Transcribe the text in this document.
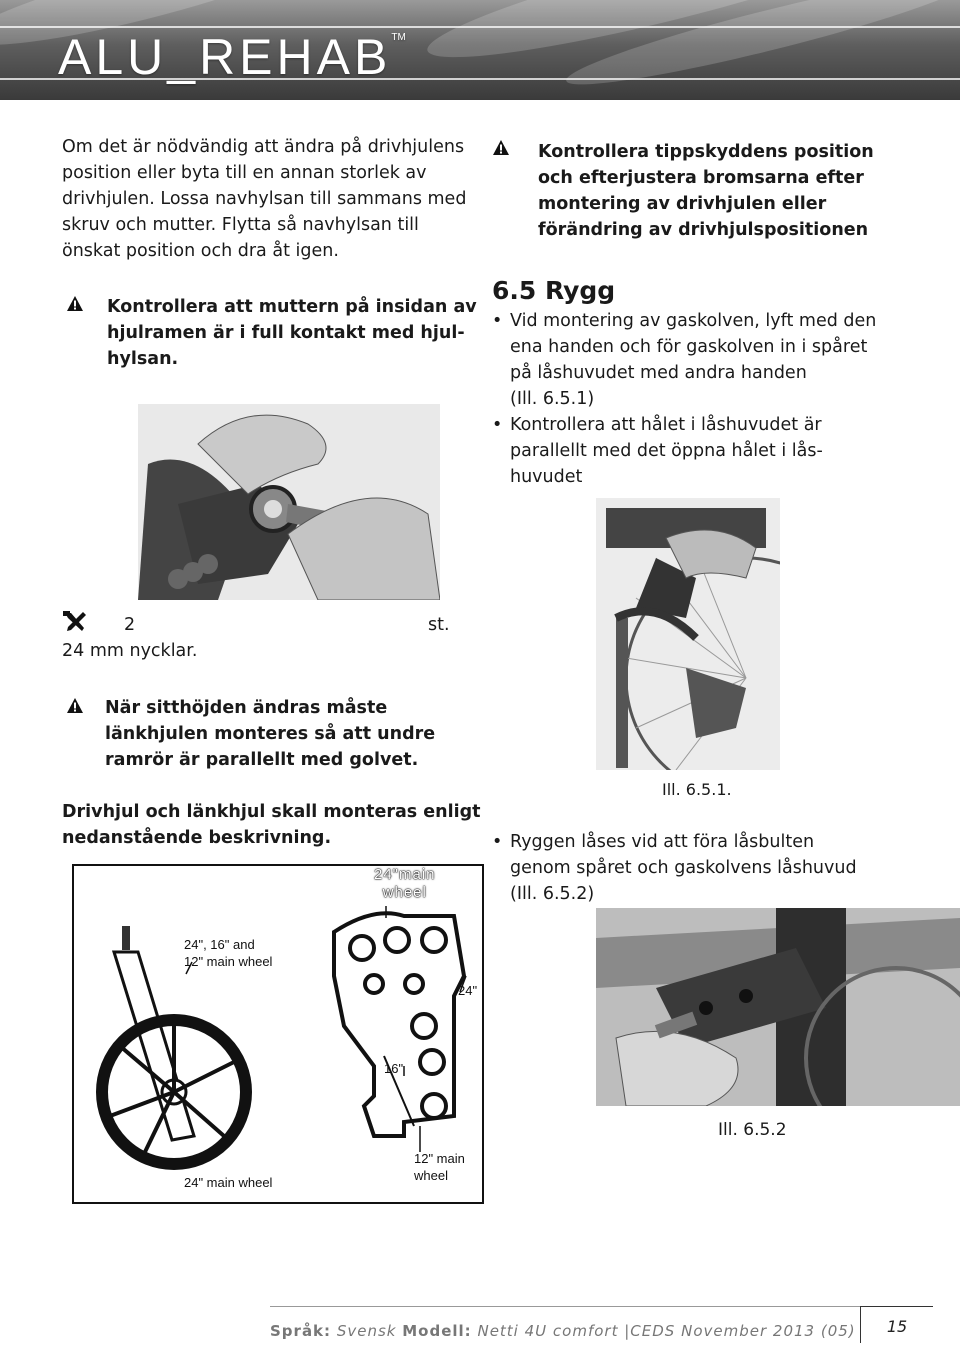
ALU_REHAB™
Om det är nödvändig att ändra på drivhjulens
position eller byta till en annan storlek av
drivhjulen. Lossa navhylsan till sammans med
skruv och mutter. Flytta så navhylsan till
önskat position och dra åt igen.
Kontrollera att muttern på insidan av
hjulramen är i full kontakt med hjul-
hylsan.
2	st.
24 mm nycklar.
När sitthöjden ändras måste
länkhjulen monteres så att undre
ramrör är parallellt med golvet.
Drivhjul och länkhjul skall monteras enligt
nedanstående beskrivning.
24"main
wheel
24", 16" and
12" main wheel
24"
16"
24" main wheel
12" main
wheel
Kontrollera tippskyddens position
och efterjustera bromsarna efter
montering av drivhjulen eller
förändring av drivhjulspositionen
6.5 Rygg
• Vid montering av gaskolven, lyft med den
ena handen och för gaskolven in i spåret
på låshuvudet med andra handen
(Ill. 6.5.1)
• Kontrollera att hålet i låshuvudet är
parallellt med det öppna hålet i lås-
huvudet
Ill. 6.5.1.
• Ryggen låses vid att föra låsbulten
genom spåret och gaskolvens låshuvud
(Ill. 6.5.2)
Ill. 6.5.2
Språk: Svensk Modell: Netti 4U comfort |CEDS November 2013 (05)	15
